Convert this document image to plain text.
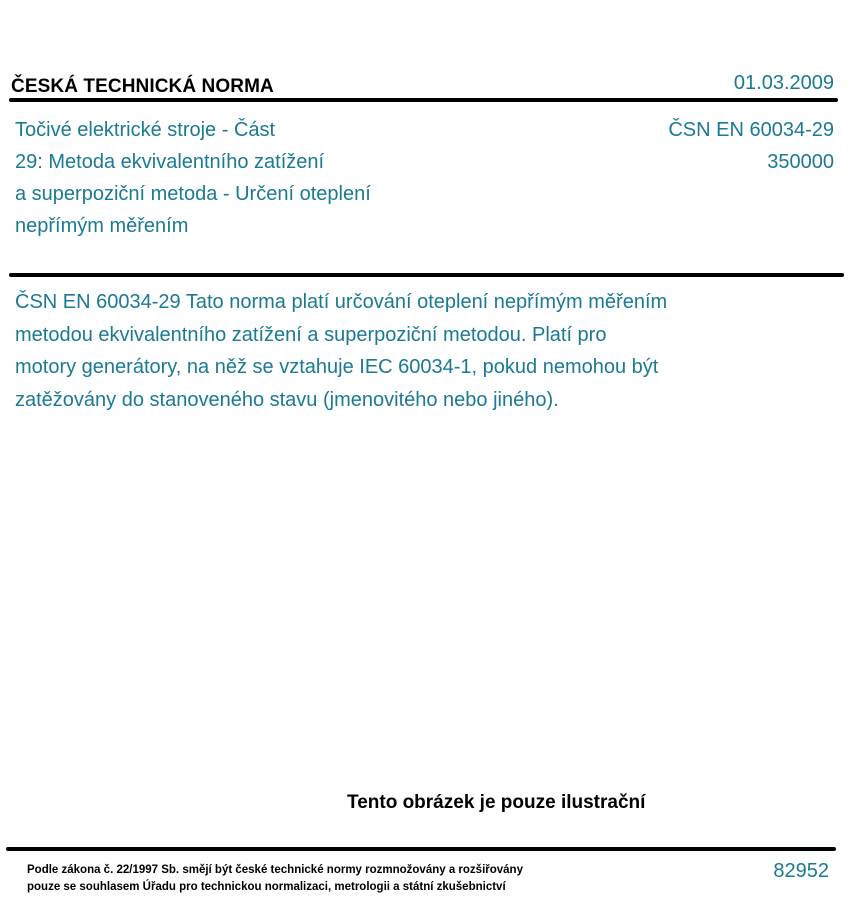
ČESKÁ TECHNICKÁ NORMA	01.03.2009
Točivé elektrické stroje - Část
29: Metoda ekvivalentního zatížení
a superpoziční metoda - Určení oteplení
nepřímým měřením
ČSN EN 60034-29
350000
ČSN EN 60034-29 Tato norma platí určování oteplení nepřímým měřením
metodou ekvivalentního zatížení a superpoziční metodou. Platí pro
motory generátory, na něž se vztahuje IEC 60034-1, pokud nemohou být
zatěžovány do stanoveného stavu (jmenovitého nebo jiného).
Tento obrázek je pouze ilustrační
Podle zákona č. 22/1997 Sb. smějí být české technické normy rozmnožovány a rozšiřovány
pouze se souhlasem Úřadu pro technickou normalizaci, metrologii a státní zkušebnictví
82952
